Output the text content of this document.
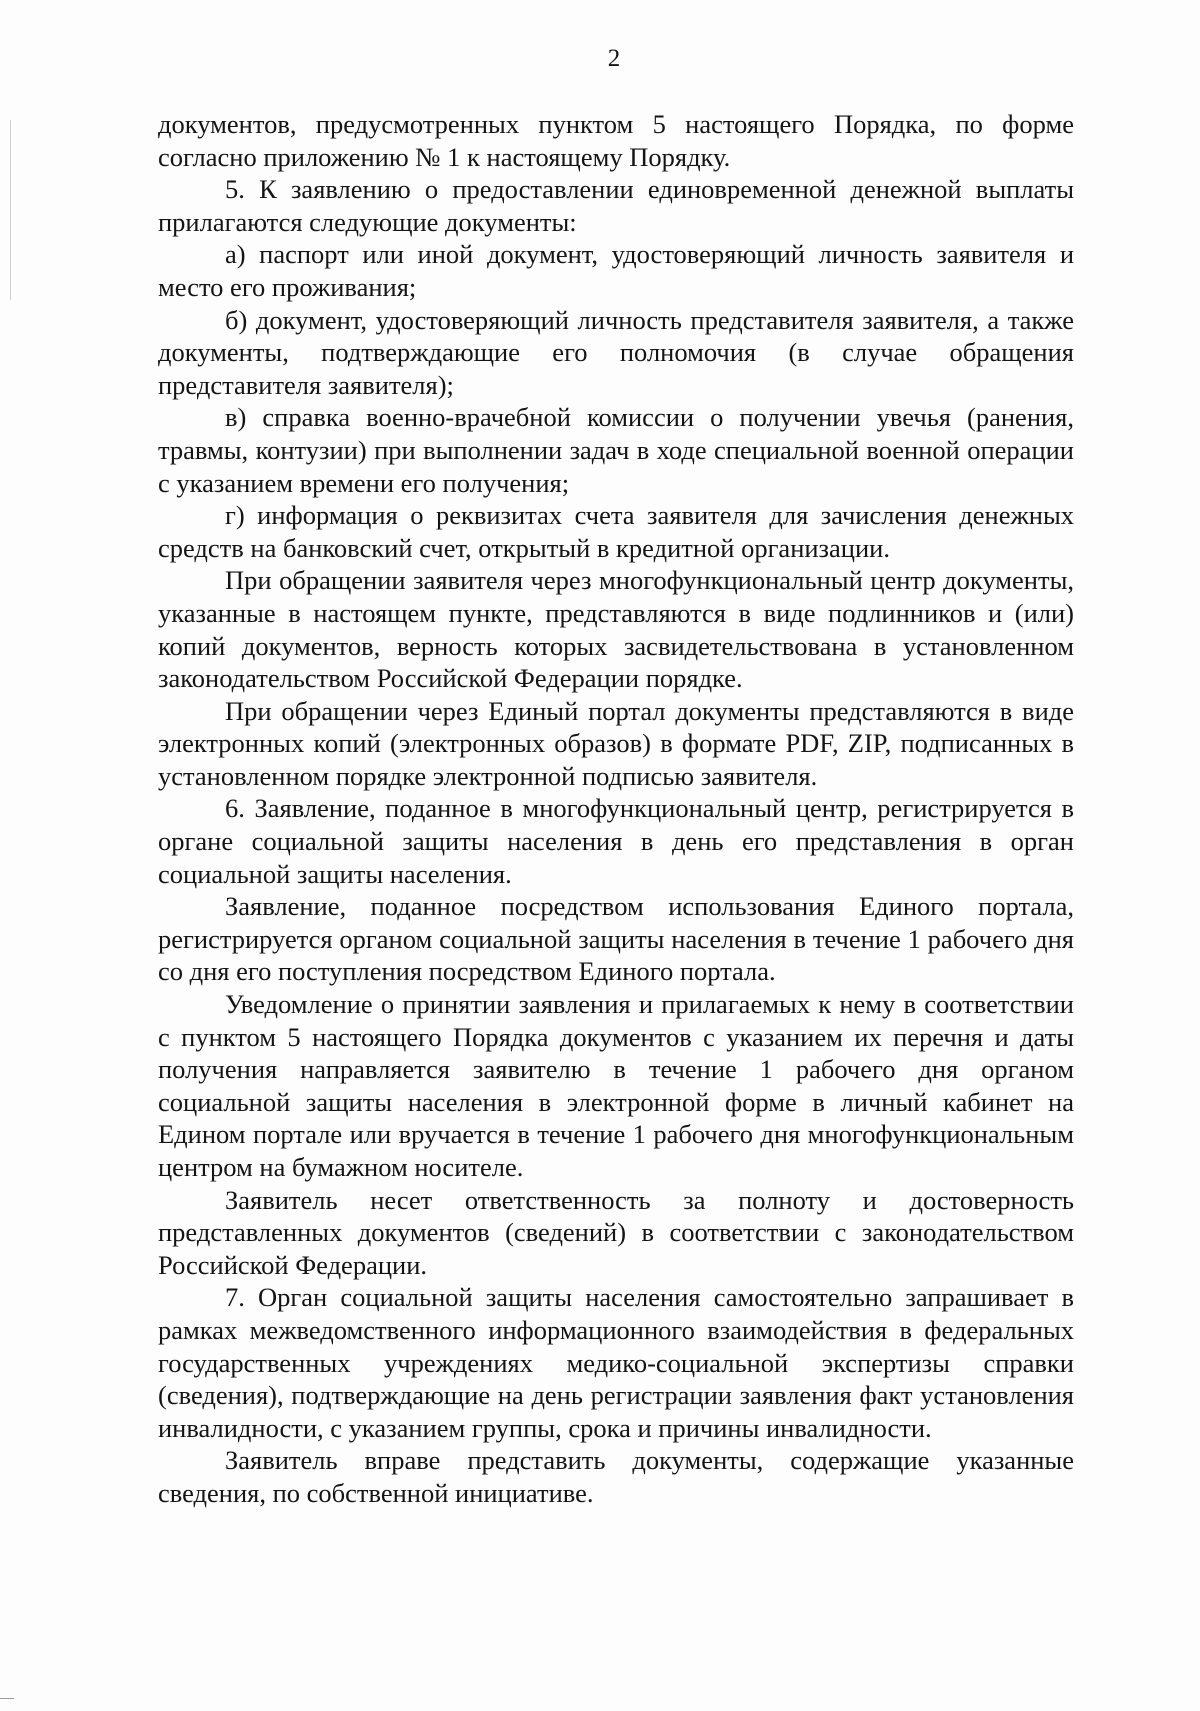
2

документов, предусмотренных пунктом 5 настоящего Порядка, по форме согласно приложению № 1 к настоящему Порядку.

5. К заявлению о предоставлении единовременной денежной выплаты прилагаются следующие документы:

а) паспорт или иной документ, удостоверяющий личность заявителя и место его проживания;

б) документ, удостоверяющий личность представителя заявителя, а также документы, подтверждающие его полномочия (в случае обращения представителя заявителя);

в) справка военно-врачебной комиссии о получении увечья (ранения, травмы, контузии) при выполнении задач в ходе специальной военной операции с указанием времени его получения;

г) информация о реквизитах счета заявителя для зачисления денежных средств на банковский счет, открытый в кредитной организации.

При обращении заявителя через многофункциональный центр документы, указанные в настоящем пункте, представляются в виде подлинников и (или) копий документов, верность которых засвидетельствована в установленном законодательством Российской Федерации порядке.

При обращении через Единый портал документы представляются в виде электронных копий (электронных образов) в формате PDF, ZIP, подписанных в установленном порядке электронной подписью заявителя.

6. Заявление, поданное в многофункциональный центр, регистрируется в органе социальной защиты населения в день его представления в орган социальной защиты населения.

Заявление, поданное посредством использования Единого портала, регистрируется органом социальной защиты населения в течение 1 рабочего дня со дня его поступления посредством Единого портала.

Уведомление о принятии заявления и прилагаемых к нему в соответствии с пунктом 5 настоящего Порядка документов с указанием их перечня и даты получения направляется заявителю в течение 1 рабочего дня органом социальной защиты населения в электронной форме в личный кабинет на Едином портале или вручается в течение 1 рабочего дня многофункциональным центром на бумажном носителе.

Заявитель несет ответственность за полноту и достоверность представленных документов (сведений) в соответствии с законодательством Российской Федерации.

7. Орган социальной защиты населения самостоятельно запрашивает в рамках межведомственного информационного взаимодействия в федеральных государственных учреждениях медико-социальной экспертизы справки (сведения), подтверждающие на день регистрации заявления факт установления инвалидности, с указанием группы, срока и причины инвалидности.

Заявитель вправе представить документы, содержащие указанные сведения, по собственной инициативе.
